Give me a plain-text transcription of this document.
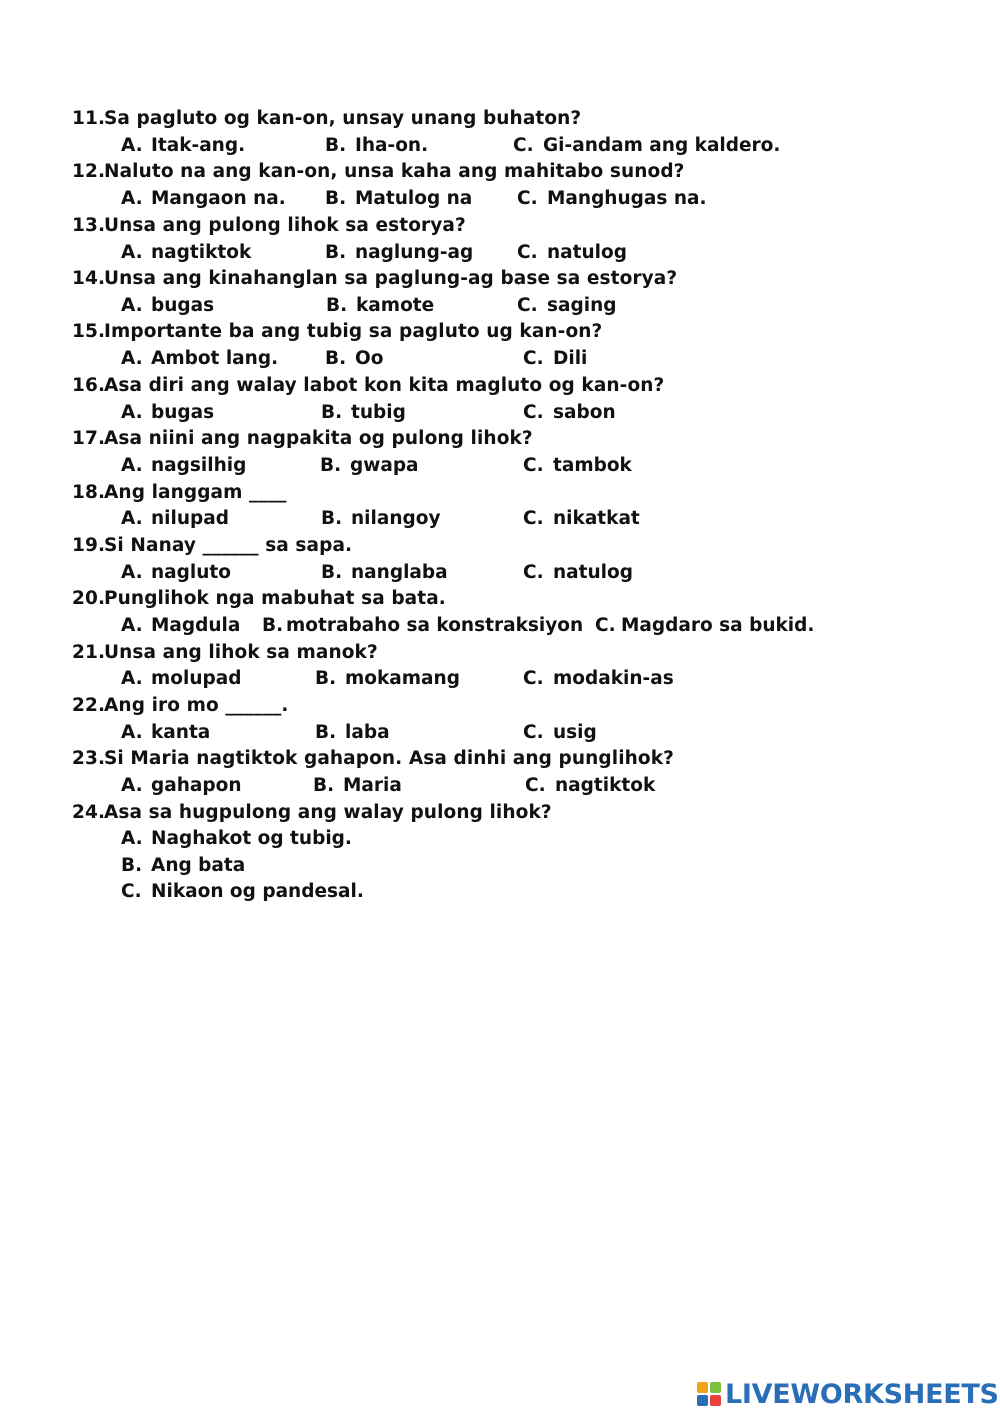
11.Sa pagluto og kan-on, unsay unang buhaton?
A. Itak-ang.	B. Iha-on.	C. Gi-andam ang kaldero.
12.Naluto na ang kan-on, unsa kaha ang mahitabo sunod?
A. Mangaon na. B. Matulog na C. Manghugas na.
13.Unsa ang pulong lihok sa estorya?
A. nagtiktok	B. naglung-ag C. natulog
14.Unsa ang kinahanglan sa paglung-ag base sa estorya?
A. bugas	B. kamote	C. saging
15.Importante ba ang tubig sa pagluto ug kan-on?
A. Ambot lang.	B. Oo	C. Dili
16.Asa diri ang walay labot kon kita magluto og kan-on?
A. bugas	B. tubig	C. sabon
17.Asa niini ang nagpakita og pulong lihok?
A. nagsilhig	B. gwapa	C. tambok
18.Ang langgam ____
A. nilupad	B. nilangoy	C. nikatkat
19.Si Nanay ______ sa sapa.
A. nagluto	B. nanglaba	C. natulog
20.Punglihok nga mabuhat sa bata.
A. Magdula B. motrabaho sa konstraksiyon C. Magdaro sa bukid.
21.Unsa ang lihok sa manok?
A. molupad	B. mokamang	C. modakin-as
22.Ang iro mo ______.
A. kanta	B. laba	C. usig
23.Si Maria nagtiktok gahapon. Asa dinhi ang punglihok?
A. gahapon	B. Maria	C. nagtiktok
24.Asa sa hugpulong ang walay pulong lihok?
A. Naghakot og tubig.
B. Ang bata
C. Nikaon og pandesal.
LIVEWORKSHEETS
